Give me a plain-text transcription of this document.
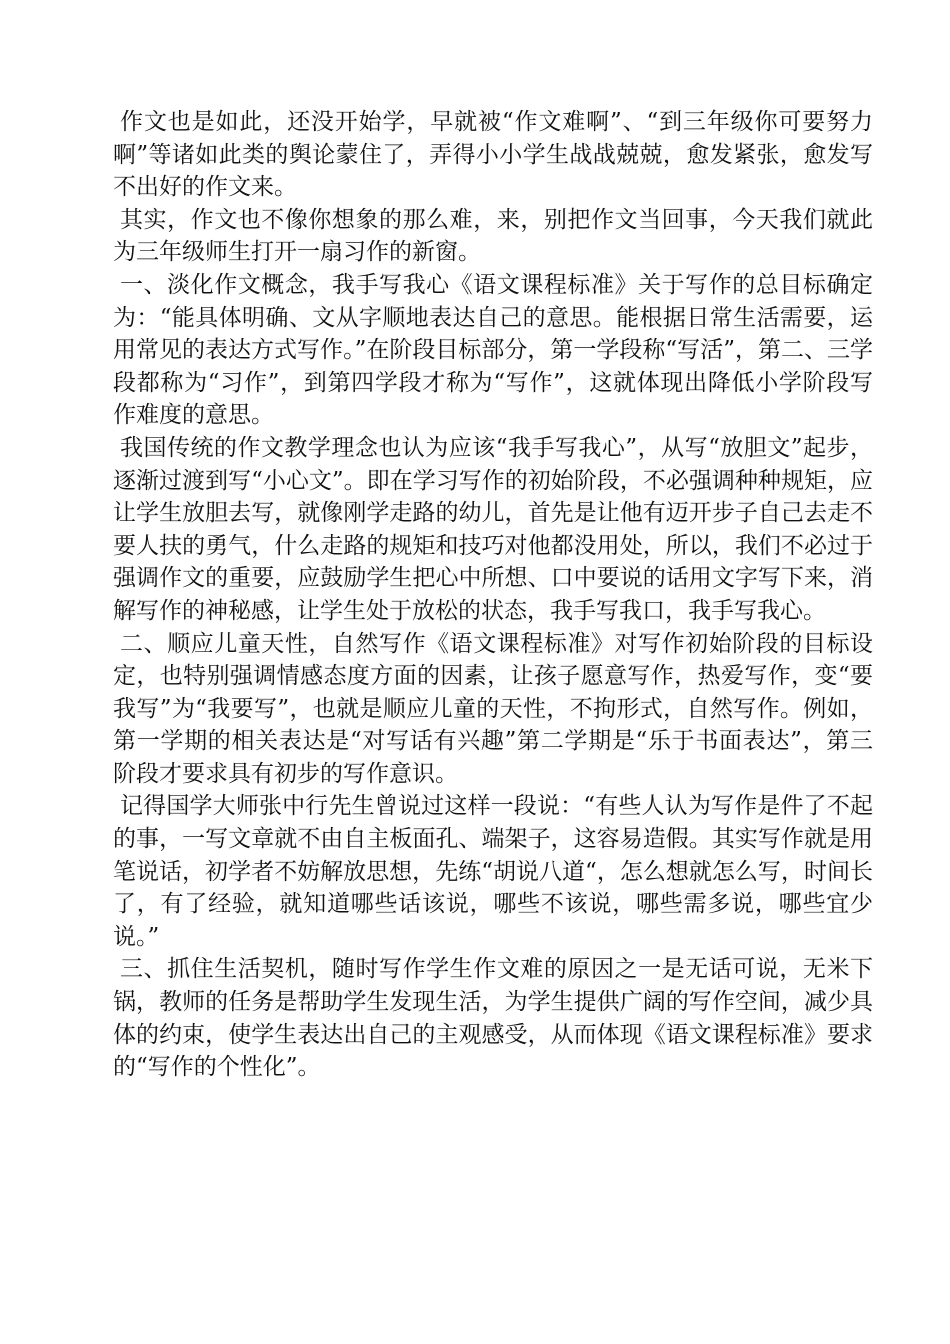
作文也是如此，还没开始学，早就被“作文难啊”、“到三年级你可要努力啊”等诸如此类的舆论蒙住了，弄得小小学生战战兢兢，愈发紧张，愈发写不出好的作文来。

其实，作文也不像你想象的那么难，来，别把作文当回事，今天我们就此为三年级师生打开一扇习作的新窗。

一、淡化作文概念，我手写我心《语文课程标准》关于写作的总目标确定为：“能具体明确、文从字顺地表达自己的意思。能根据日常生活需要，运用常见的表达方式写作。”在阶段目标部分，第一学段称“写活”，第二、三学段都称为“习作”，到第四学段才称为“写作”，这就体现出降低小学阶段写作难度的意思。

我国传统的作文教学理念也认为应该“我手写我心”，从写“放胆文”起步，逐渐过渡到写“小心文”。即在学习写作的初始阶段，不必强调种种规矩，应让学生放胆去写，就像刚学走路的幼儿，首先是让他有迈开步子自己去走不要人扶的勇气，什么走路的规矩和技巧对他都没用处，所以，我们不必过于强调作文的重要，应鼓励学生把心中所想、口中要说的话用文字写下来，消解写作的神秘感，让学生处于放松的状态，我手写我口，我手写我心。

二、顺应儿童天性，自然写作《语文课程标准》对写作初始阶段的目标设定，也特别强调情感态度方面的因素，让孩子愿意写作，热爱写作，变“要我写”为“我要写”，也就是顺应儿童的天性，不拘形式，自然写作。例如，第一学期的相关表达是“对写话有兴趣”第二学期是“乐于书面表达”，第三阶段才要求具有初步的写作意识。

记得国学大师张中行先生曾说过这样一段说：“有些人认为写作是件了不起的事，一写文章就不由自主板面孔、端架子，这容易造假。其实写作就是用笔说话，初学者不妨解放思想，先练“胡说八道“，怎么想就怎么写，时间长了，有了经验，就知道哪些话该说，哪些不该说，哪些需多说，哪些宜少说。”

三、抓住生活契机，随时写作学生作文难的原因之一是无话可说，无米下锅，教师的任务是帮助学生发现生活，为学生提供广阔的写作空间，减少具体的约束，使学生表达出自己的主观感受，从而体现《语文课程标准》要求的“写作的个性化”。
